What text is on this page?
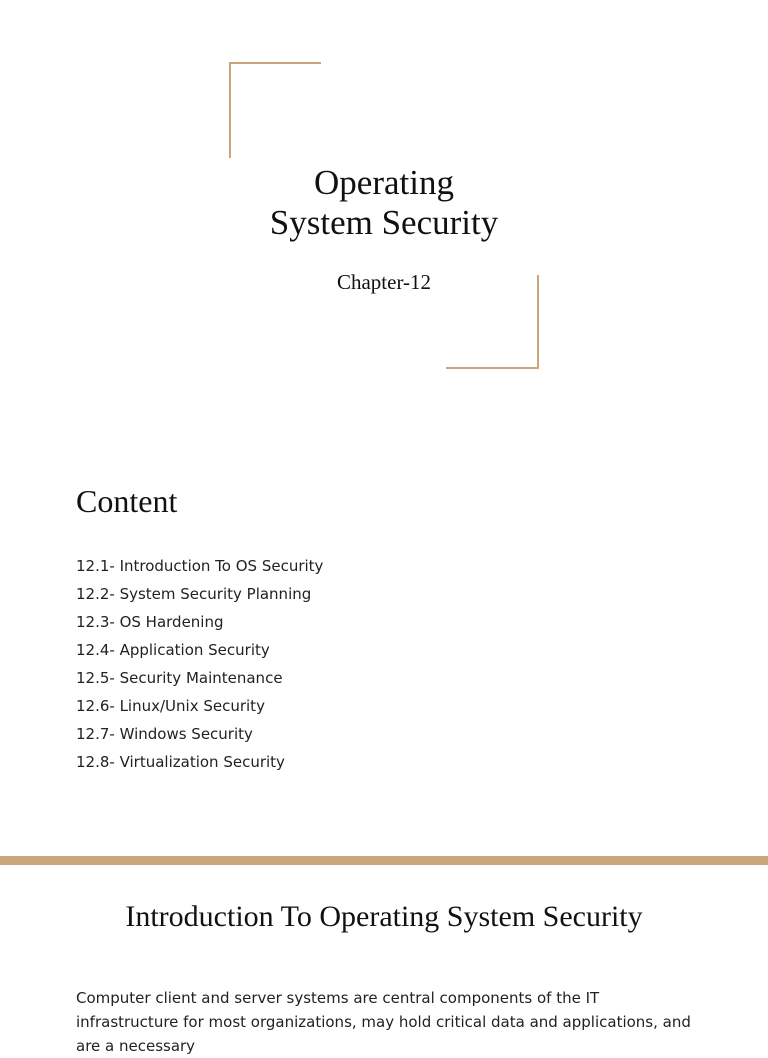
Operating
System Security
Chapter-12
Content
12.1- Introduction To OS Security
12.2- System Security Planning
12.3- OS Hardening
12.4- Application Security
12.5- Security Maintenance
12.6- Linux/Unix Security
12.7- Windows Security
12.8- Virtualization Security
Introduction To Operating System Security

Computer client and server systems are central components of the IT infrastructure for most organizations, may hold critical data and applications, and are a necessary
